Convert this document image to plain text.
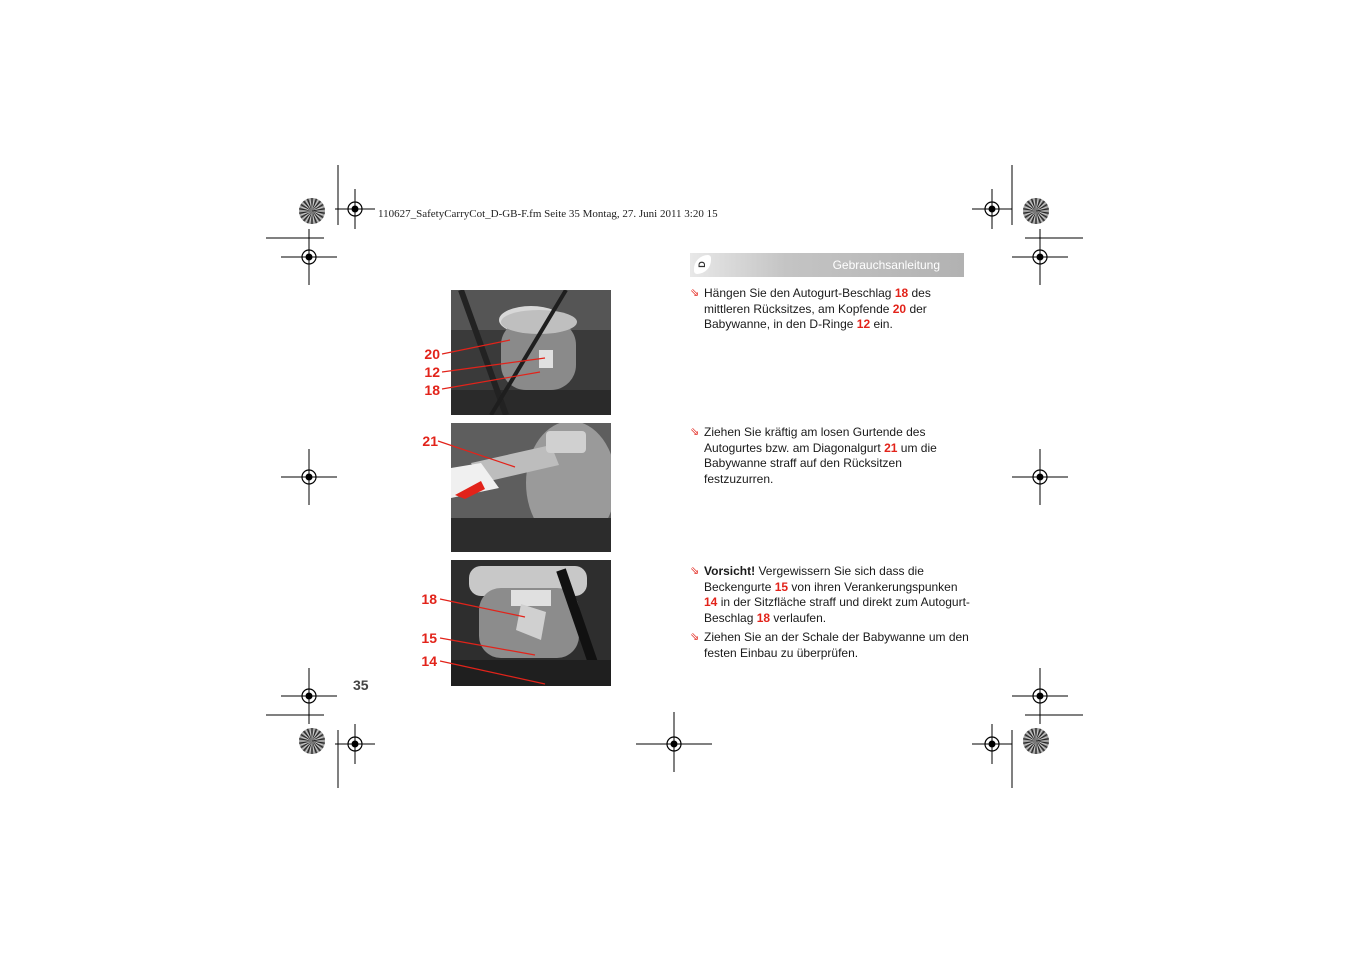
110627_SafetyCarryCot_D-GB-F.fm Seite 35 Montag, 27. Juni 2011 3:20 15
Gebrauchsanleitung
D
20
12
18
21
18
15
14
⇘ Hängen Sie den Autogurt-Beschlag 18 des mittleren Rücksitzes, am Kopfende 20 der Babywanne, in den D-Ringe 12 ein.
⇘ Ziehen Sie kräftig am losen Gurtende des Autogurtes bzw. am Diagonalgurt 21 um die Babywanne straff auf den Rücksitzen festzuzurren.
⇘ Vorsicht! Vergewissern Sie sich dass die Beckengurte 15 von ihren Verankerungspunken 14 in der Sitzfläche straff und direkt zum Autogurt-Beschlag 18 verlaufen.
⇘ Ziehen Sie an der Schale der Babywanne um den festen Einbau zu überprüfen.
35
